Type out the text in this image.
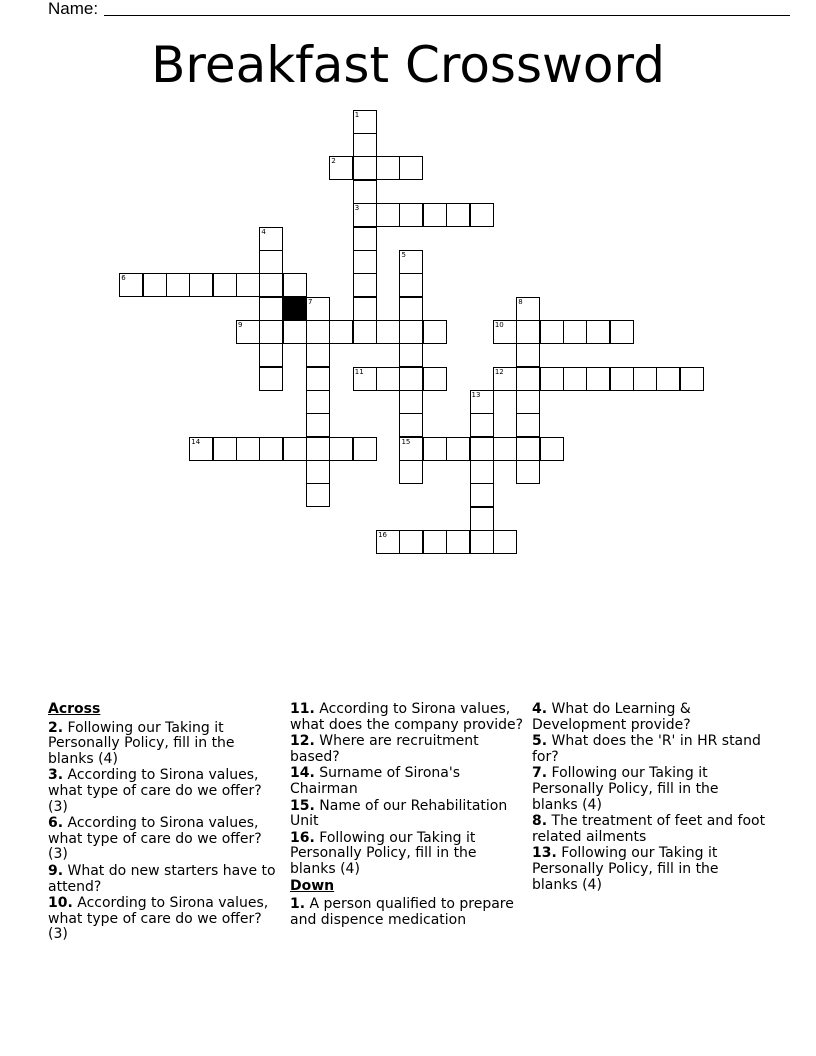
Name:
Breakfast Crossword
1
3
2
4
6
5
15
9	10
7	8
11	12
13
14
16
Across
2. Following our Taking it Personally Policy, fill in the blanks (4)
3. According to Sirona values, what type of care do we offer? (3)
6. According to Sirona values, what type of care do we offer? (3)
9. What do new starters have to attend?
10. According to Sirona values, what type of care do we offer? (3)
11. According to Sirona values, what does the company provide?
12. Where are recruitment based?
14. Surname of Sirona's Chairman
15. Name of our Rehabilitation Unit
16. Following our Taking it Personally Policy, fill in the blanks (4)
Down
1. A person qualified to prepare and dispence medication
4. What do Learning & Development provide?
5. What does the 'R' in HR stand for?
7. Following our Taking it Personally Policy, fill in the blanks (4)
8. The treatment of feet and foot related ailments
13. Following our Taking it Personally Policy, fill in the blanks (4)
